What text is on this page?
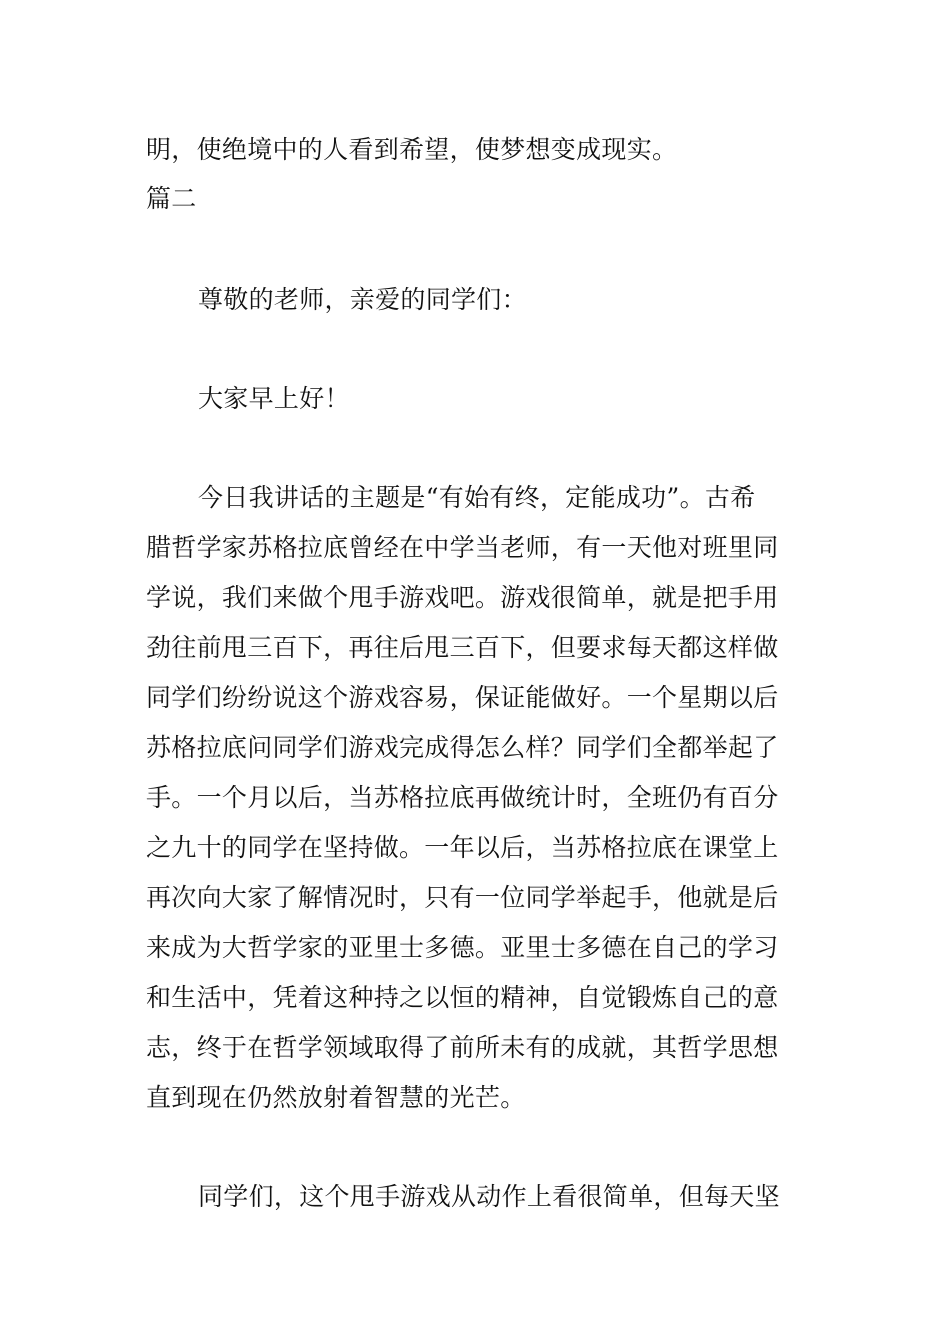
明，使绝境中的人看到希望，使梦想变成现实。
篇二
尊敬的老师，亲爱的同学们：
大家早上好！
今日我讲话的主题是“有始有终，定能成功”。古希
腊哲学家苏格拉底曾经在中学当老师，有一天他对班里同
学说，我们来做个甩手游戏吧。游戏很简单，就是把手用
劲往前甩三百下，再往后甩三百下，但要求每天都这样做
同学们纷纷说这个游戏容易，保证能做好。一个星期以后
苏格拉底问同学们游戏完成得怎么样？同学们全都举起了
手。一个月以后，当苏格拉底再做统计时，全班仍有百分
之九十的同学在坚持做。一年以后，当苏格拉底在课堂上
再次向大家了解情况时，只有一位同学举起手，他就是后
来成为大哲学家的亚里士多德。亚里士多德在自己的学习
和生活中，凭着这种持之以恒的精神，自觉锻炼自己的意
志，终于在哲学领域取得了前所未有的成就，其哲学思想
直到现在仍然放射着智慧的光芒。
同学们，这个甩手游戏从动作上看很简单，但每天坚
